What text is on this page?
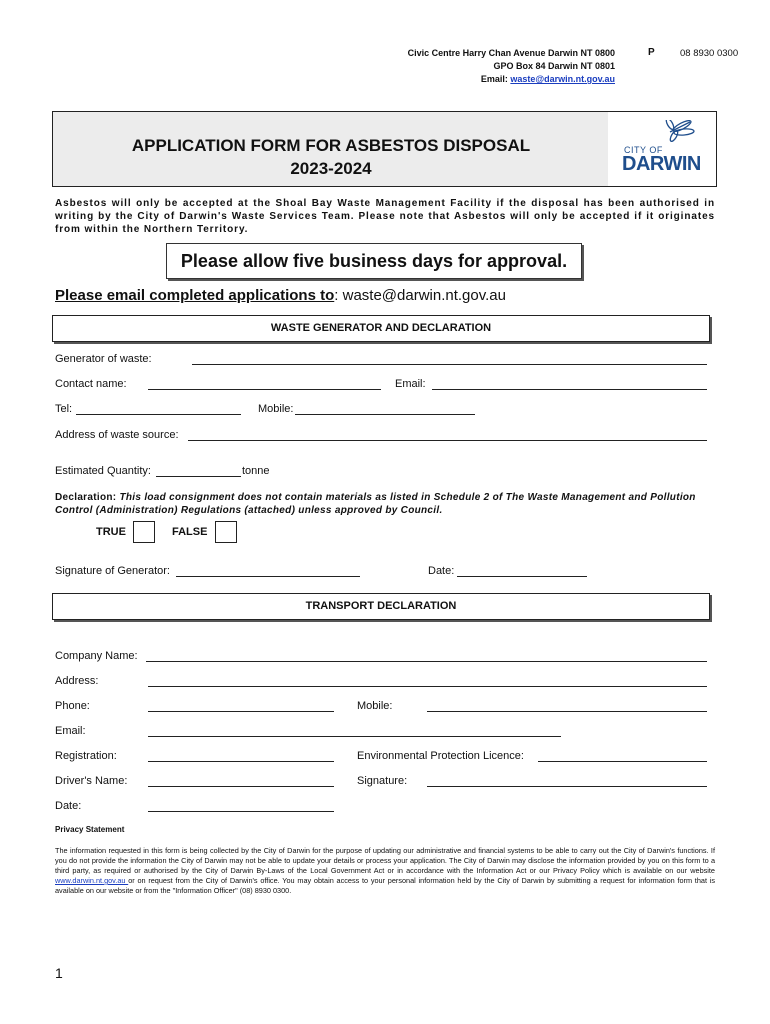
Civic Centre Harry Chan Avenue Darwin NT 0800
GPO Box 84 Darwin NT 0801
Email: waste@darwin.nt.gov.au
P	08 8930 0300
APPLICATION FORM FOR ASBESTOS DISPOSAL
2023-2024
CITY OF
DARWIN
Asbestos will only be accepted at the Shoal Bay Waste Management Facility if the disposal has been authorised in writing by the City of Darwin's Waste Services Team. Please note that Asbestos will only be accepted if it originates from within the Northern Territory.
Please allow five business days for approval.
Please email completed applications to: waste@darwin.nt.gov.au
WASTE GENERATOR AND DECLARATION
Generator of waste:
Contact name:	Email:
Tel:	Mobile:
Address of waste source:
Estimated Quantity:	tonne
Declaration: This load consignment does not contain materials as listed in Schedule 2 of The Waste Management and Pollution Control (Administration) Regulations (attached) unless approved by Council.
TRUE	FALSE
Signature of Generator:	Date:
TRANSPORT DECLARATION
Company Name:
Address:
Phone:	Mobile:
Email:
Registration:	Environmental Protection Licence:
Driver's Name:	Signature:
Date:
Privacy Statement
The information requested in this form is being collected by the City of Darwin for the purpose of updating our administrative and financial systems to be able to carry out the City of Darwin's functions. If you do not provide the information the City of Darwin may not be able to update your details or process your application. The City of Darwin may disclose the information provided by you on this form to a third party, as required or authorised by the City of Darwin By-Laws of the Local Government Act or in accordance with the Information Act or our Privacy Policy which is available on our website www.darwin.nt.gov.au or on request from the City of Darwin's office. You may obtain access to your personal information held by the City of Darwin by submitting a request for information form that is available on our website or from the "Information Officer" (08) 8930 0300.
1
